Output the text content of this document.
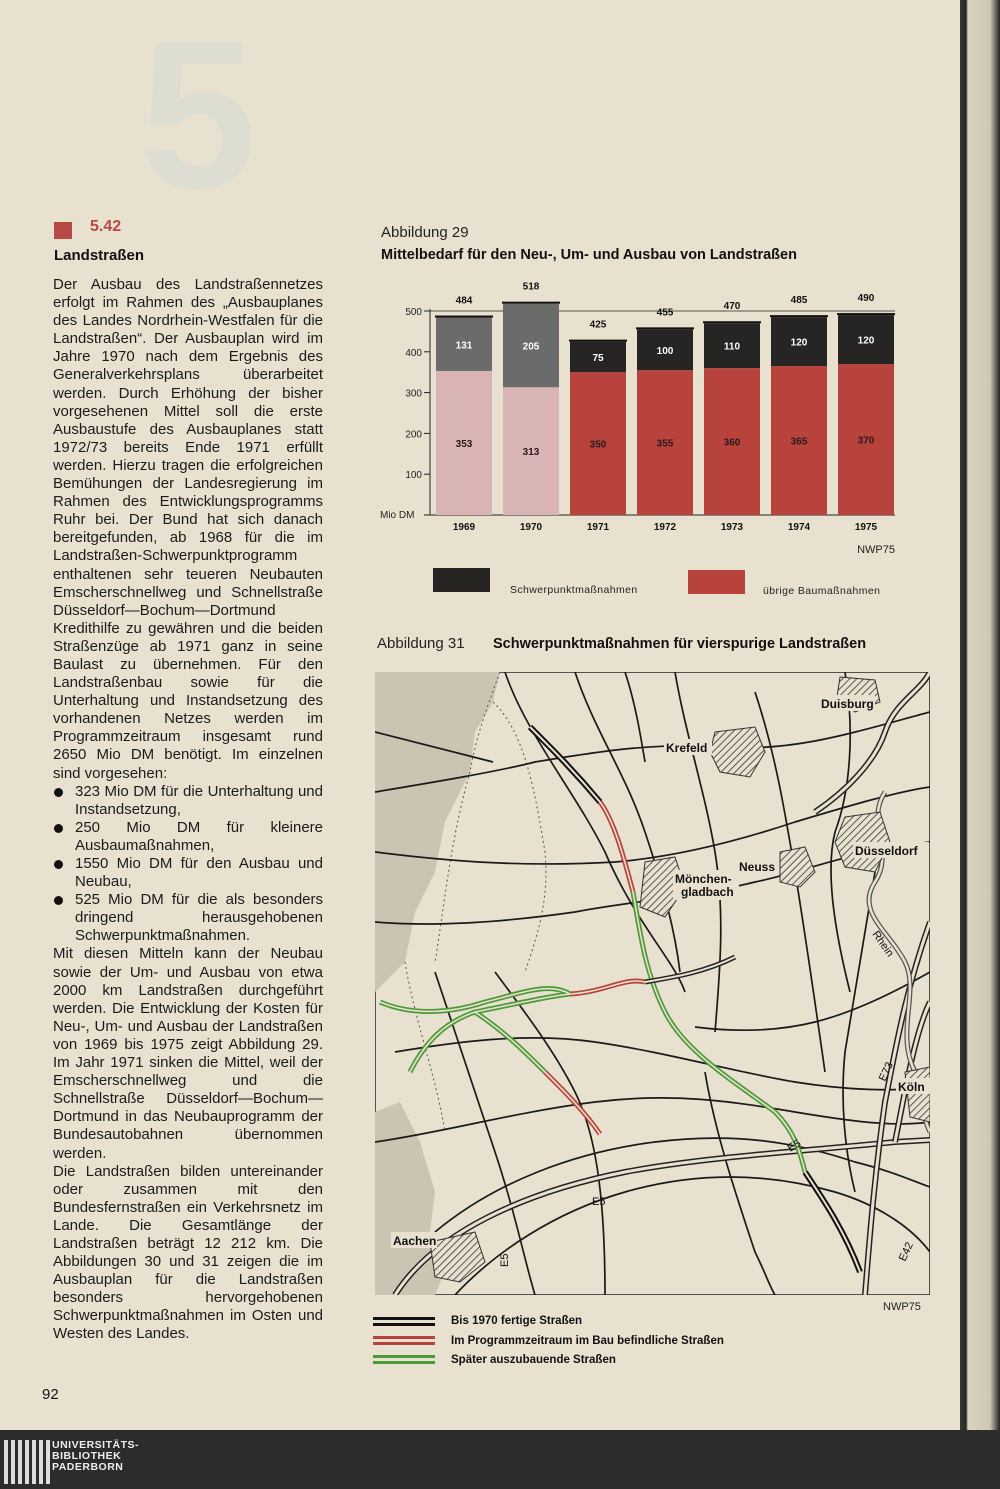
5
5.42
Landstraßen

Der Ausbau des Landstraßennetzes erfolgt im Rahmen des „Ausbauplanes des Landes Nordrhein-Westfalen für die Landstraßen“. Der Ausbauplan wird im Jahre 1970 nach dem Ergebnis des Generalverkehrsplans überarbeitet werden. Durch Erhöhung der bisher vorgesehenen Mittel soll die erste Ausbaustufe des Ausbauplanes statt 1972/73 bereits Ende 1971 erfüllt werden. Hierzu tragen die erfolgreichen Bemühungen der Landesregierung im Rahmen des Entwicklungsprogramms Ruhr bei. Der Bund hat sich danach bereitgefunden, ab 1968 für die im Landstraßen-Schwerpunktprogramm enthaltenen sehr teueren Neubauten Emscherschnellweg und Schnellstraße Düsseldorf—Bochum—Dortmund Kredithilfe zu gewähren und die beiden Straßenzüge ab 1971 ganz in seine Baulast zu übernehmen. Für den Landstraßenbau sowie für die Unterhaltung und Instandsetzung des vorhandenen Netzes werden im Programmzeitraum insgesamt rund 2650 Mio DM benötigt. Im einzelnen sind vorgesehen:

323 Mio DM für die Unterhaltung und Instandsetzung,
250 Mio DM für kleinere Ausbaumaßnahmen,
1550 Mio DM für den Ausbau und Neubau,
525 Mio DM für die als besonders dringend herausgehobenen Schwerpunktmaßnahmen.

Mit diesen Mitteln kann der Neubau sowie der Um- und Ausbau von etwa 2000 km Landstraßen durchgeführt werden. Die Entwicklung der Kosten für Neu-, Um- und Ausbau der Landstraßen von 1969 bis 1975 zeigt Abbildung 29. Im Jahr 1971 sinken die Mittel, weil der Emscherschnellweg und die Schnellstraße Düsseldorf—Bochum—Dortmund in das Neubauprogramm der Bundesautobahnen übernommen werden.

Die Landstraßen bilden untereinander oder zusammen mit den Bundesfernstraßen ein Verkehrsnetz im Lande. Die Gesamtlänge der Landstraßen beträgt 12 212 km. Die Abbildungen 30 und 31 zeigen die im Ausbauplan für die Landstraßen besonders hervorgehobenen Schwerpunktmaßnahmen im Osten und Westen des Landes.

92
Abbildung 29
Mittelbedarf für den Neu-, Um- und Ausbau von Landstraßen
100
200
300
400
500
Mio DM
353
131
484
1969
313
205
518
1970
350
75
425
1971
355
100
455
1972
360
110
470
1973
365
120
485
1974
370
120
490
1975
NWP75
Schwerpunktmaßnahmen	übrige Baumaßnahmen
Abbildung 31 Schwerpunktmaßnahmen für vierspurige Landstraßen
Duisburg
Krefeld
Düsseldorf
Neuss
Mönchen-
gladbach
Köln
Aachen
Rhein
E73
E5
E5
E42
E5
NWP75
Bis 1970 fertige Straßen
Im Programmzeitraum im Bau befindliche Straßen
Später auszubauende Straßen
UNIVERSITÄTS-
BIBLIOTHEK
PADERBORN
